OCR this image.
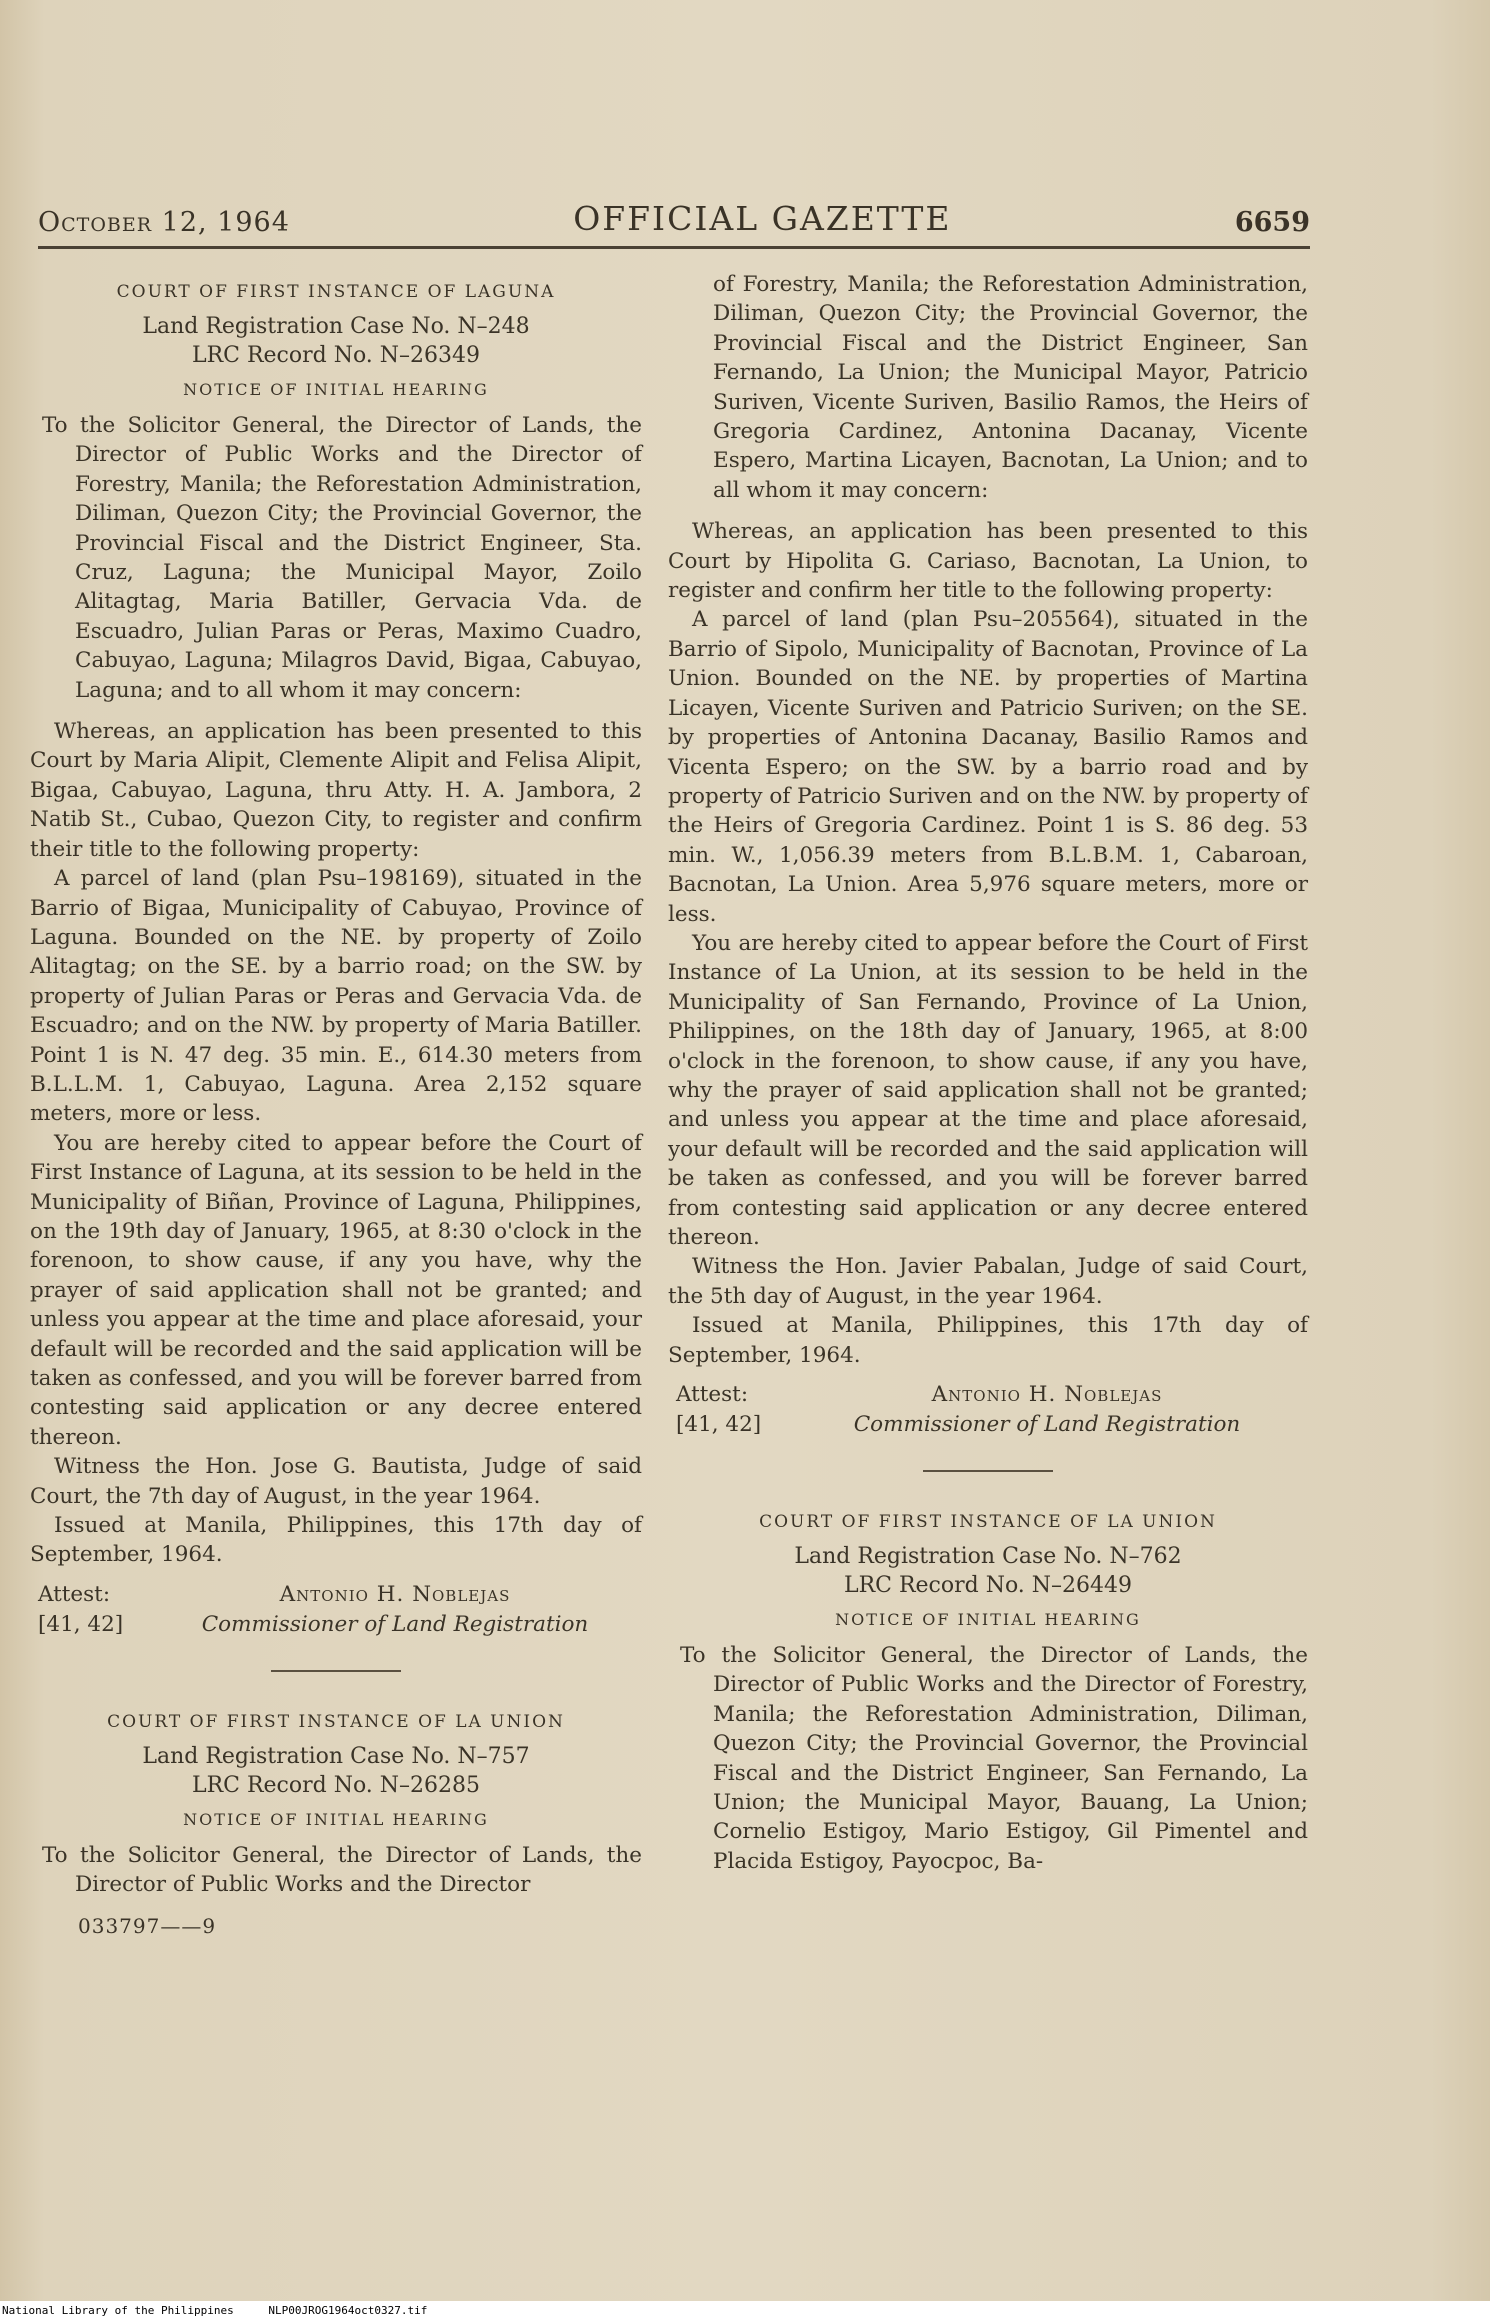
October 12, 1964	OFFICIAL GAZETTE	6659
COURT OF FIRST INSTANCE OF LAGUNA
Land Registration Case No. N–248
LRC Record No. N–26349
NOTICE OF INITIAL HEARING

To the Solicitor General, the Director of Lands, the Director of Public Works and the Director of Forestry, Manila; the Reforestation Administration, Diliman, Quezon City; the Provincial Governor, the Provincial Fiscal and the District Engineer, Sta. Cruz, Laguna; the Municipal Mayor, Zoilo Alitagtag, Maria Batiller, Gervacia Vda. de Escuadro, Julian Paras or Peras, Maximo Cuadro, Cabuyao, Laguna; Milagros David, Bigaa, Cabuyao, Laguna; and to all whom it may concern:

Whereas, an application has been presented to this Court by Maria Alipit, Clemente Alipit and Felisa Alipit, Bigaa, Cabuyao, Laguna, thru Atty. H. A. Jambora, 2 Natib St., Cubao, Quezon City, to register and confirm their title to the following property:

A parcel of land (plan Psu–198169), situated in the Barrio of Bigaa, Municipality of Cabuyao, Province of Laguna. Bounded on the NE. by property of Zoilo Alitagtag; on the SE. by a barrio road; on the SW. by property of Julian Paras or Peras and Gervacia Vda. de Escuadro; and on the NW. by property of Maria Batiller. Point 1 is N. 47 deg. 35 min. E., 614.30 meters from B.L.L.M. 1, Cabuyao, Laguna. Area 2,152 square meters, more or less.

You are hereby cited to appear before the Court of First Instance of Laguna, at its session to be held in the Municipality of Biñan, Province of Laguna, Philippines, on the 19th day of January, 1965, at 8:30 o'clock in the forenoon, to show cause, if any you have, why the prayer of said application shall not be granted; and unless you appear at the time and place aforesaid, your default will be recorded and the said application will be taken as confessed, and you will be forever barred from contesting said application or any decree entered thereon.

Witness the Hon. Jose G. Bautista, Judge of said Court, the 7th day of August, in the year 1964.

Issued at Manila, Philippines, this 17th day of September, 1964.

Attest:	Antonio H. Noblejas
[41, 42]	Commissioner of Land Registration
COURT OF FIRST INSTANCE OF LA UNION
Land Registration Case No. N–757
LRC Record No. N–26285
NOTICE OF INITIAL HEARING

To the Solicitor General, the Director of Lands, the Director of Public Works and the Director

033797——9

of Forestry, Manila; the Reforestation Administration, Diliman, Quezon City; the Provincial Governor, the Provincial Fiscal and the District Engineer, San Fernando, La Union; the Municipal Mayor, Patricio Suriven, Vicente Suriven, Basilio Ramos, the Heirs of Gregoria Cardinez, Antonina Dacanay, Vicente Espero, Martina Licayen, Bacnotan, La Union; and to all whom it may concern:

Whereas, an application has been presented to this Court by Hipolita G. Cariaso, Bacnotan, La Union, to register and confirm her title to the following property:

A parcel of land (plan Psu–205564), situated in the Barrio of Sipolo, Municipality of Bacnotan, Province of La Union. Bounded on the NE. by properties of Martina Licayen, Vicente Suriven and Patricio Suriven; on the SE. by properties of Antonina Dacanay, Basilio Ramos and Vicenta Espero; on the SW. by a barrio road and by property of Patricio Suriven and on the NW. by property of the Heirs of Gregoria Cardinez. Point 1 is S. 86 deg. 53 min. W., 1,056.39 meters from B.L.B.M. 1, Cabaroan, Bacnotan, La Union. Area 5,976 square meters, more or less.

You are hereby cited to appear before the Court of First Instance of La Union, at its session to be held in the Municipality of San Fernando, Province of La Union, Philippines, on the 18th day of January, 1965, at 8:00 o'clock in the forenoon, to show cause, if any you have, why the prayer of said application shall not be granted; and unless you appear at the time and place aforesaid, your default will be recorded and the said application will be taken as confessed, and you will be forever barred from contesting said application or any decree entered thereon.

Witness the Hon. Javier Pabalan, Judge of said Court, the 5th day of August, in the year 1964.

Issued at Manila, Philippines, this 17th day of September, 1964.

Attest:	Antonio H. Noblejas
[41, 42]	Commissioner of Land Registration
COURT OF FIRST INSTANCE OF LA UNION
Land Registration Case No. N–762
LRC Record No. N–26449
NOTICE OF INITIAL HEARING

To the Solicitor General, the Director of Lands, the Director of Public Works and the Director of Forestry, Manila; the Reforestation Administration, Diliman, Quezon City; the Provincial Governor, the Provincial Fiscal and the District Engineer, San Fernando, La Union; the Municipal Mayor, Bauang, La Union; Cornelio Estigoy, Mario Estigoy, Gil Pimentel and Placida Estigoy, Payocpoc, Ba-

National Library of the Philippines	NLP00JROG1964oct0327.tif
